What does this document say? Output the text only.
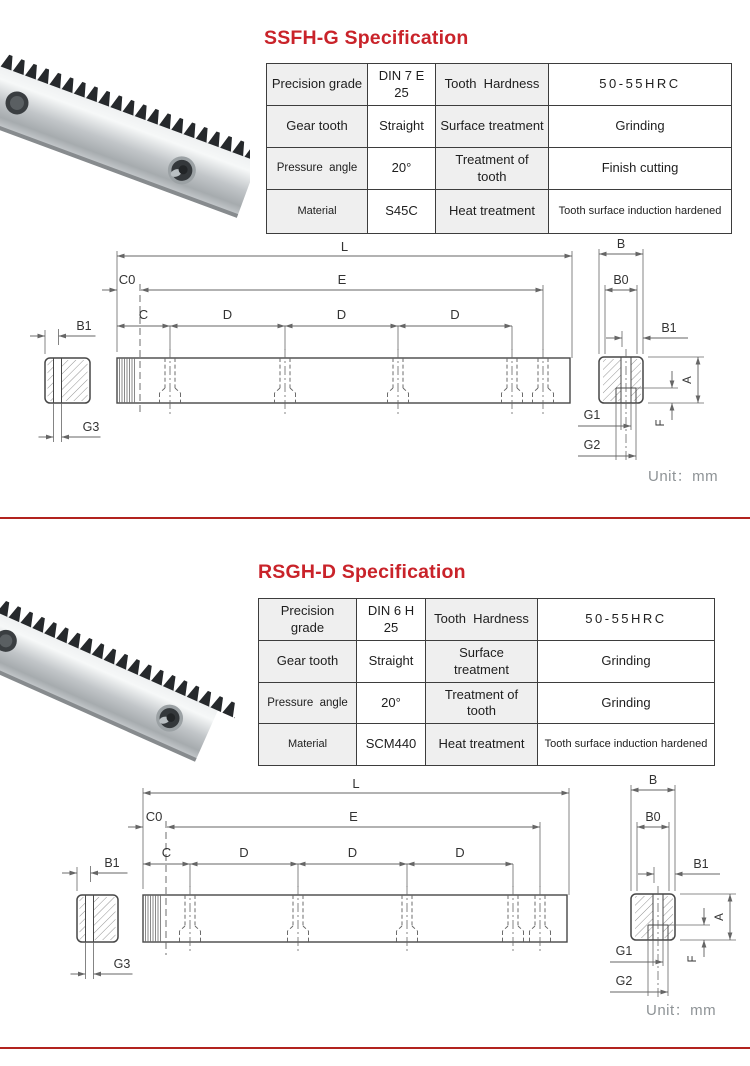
SSFH-G Specification
Precision grade	DIN 7 E 25	Tooth  Hardness	50-55HRC
Gear tooth	Straight	Surface treatment	Grinding
Pressure  angle	20°	Treatment of tooth	Finish cutting
Material	S45C	Heat treatment	Tooth surface induction hardened
L
E
C0
C	D	D	D
B1
G3
B
B0
B1
A
F
G1
G2
Unit：mm
RSGH-D Specification
Precision grade	DIN 6 H 25	Tooth  Hardness	50-55HRC
Gear tooth	Straight	Surface treatment	Grinding
Pressure  angle	20°	Treatment of tooth	Grinding
Material	SCM440	Heat treatment	Tooth surface induction hardened
L
E
C0
C	D	D	D
B1
G3
B
B0
B1
A
F
G1
G2
Unit：mm
